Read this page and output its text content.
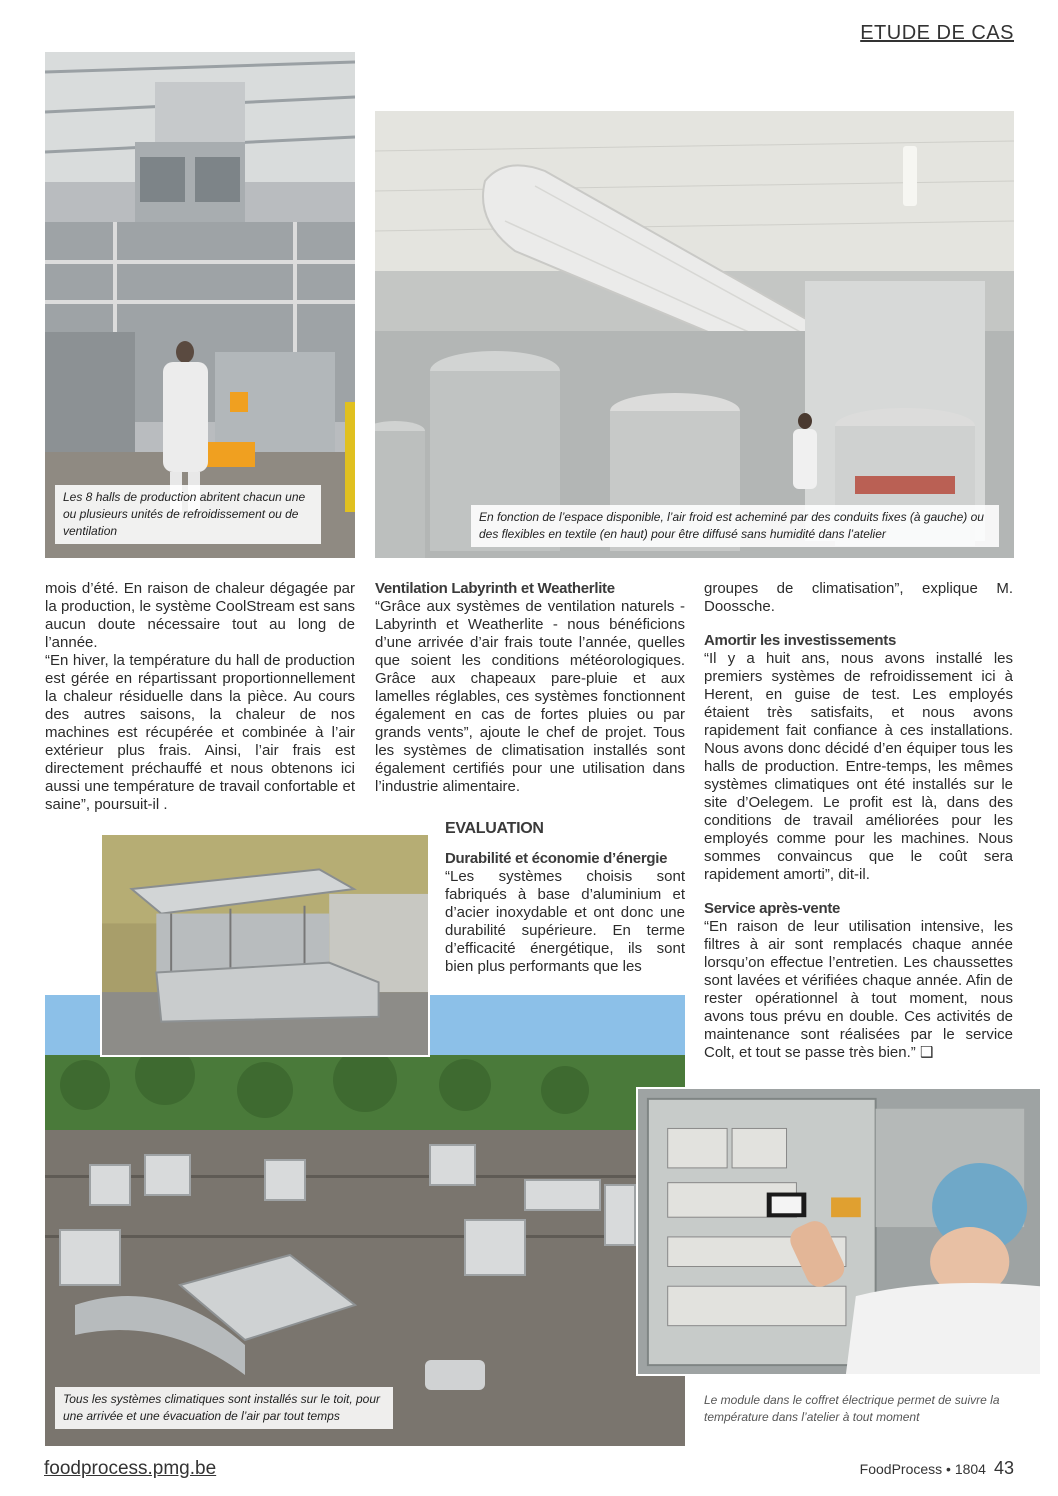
ETUDE DE CAS
Les 8 halls de production abritent chacun une ou plusieurs unités de refroidissement ou de ventilation
En fonction de l’espace disponible, l’air froid est acheminé par des conduits fixes (à gauche) ou des flexibles en textile (en haut) pour être diffusé sans humidité dans l’atelier

mois d’été. En raison de chaleur dégagée par la production, le système CoolStream est sans aucun doute nécessaire tout au long de l’année.

“En hiver, la température du hall de production est gérée en répartissant proportionnellement la chaleur résiduelle dans la pièce. Au cours des autres saisons, la chaleur de nos machines est récupérée et combinée à l’air extérieur plus frais. Ainsi, l’air frais est directement préchauffé et nous obtenons ici aussi une température de travail confortable et saine”, poursuit-il .

Ventilation Labyrinth et Weatherlite

“Grâce aux systèmes de ventilation naturels - Labyrinth et Weatherlite - nous bénéficions d’une arrivée d’air frais toute l’année, quelles que soient les conditions météorologiques. Grâce aux chapeaux pare-pluie et aux lamelles réglables, ces systèmes fonctionnent également en cas de fortes pluies ou par grands vents”, ajoute le chef de projet. Tous les systèmes de climatisation installés sont également certifiés pour une utilisation dans l’industrie alimentaire.

EVALUATION
Durabilité et économie d’énergie

“Les systèmes choisis sont fabriqués à base d’aluminium et d’acier inoxydable et ont donc une durabilité supérieure. En terme d’efficacité énergétique, ils sont bien plus performants que les

groupes de climatisation”, explique M. Doossche.

Amortir les investissements

“Il y a huit ans, nous avons installé les premiers systèmes de refroidissement ici à Herent, en guise de test. Les employés étaient très satisfaits, et nous avons rapidement fait confiance à ces installations. Nous avons donc décidé d’en équiper tous les halls de production. Entre-temps, les mêmes systèmes climatiques ont été installés sur le site d’Oelegem. Le profit est là, dans des conditions de travail améliorées pour les employés comme pour les machines. Nous sommes convaincus que le coût sera rapidement amorti”, dit-il.

Service après-vente

“En raison de leur utilisation intensive, les filtres à air sont remplacés chaque année lorsqu’on effectue l’entretien. Les chaussettes sont lavées et vérifiées chaque année. Afin de rester opérationnel à tout moment, nous avons tous prévu en double. Ces activités de maintenance sont réalisées par le service Colt, et tout se passe très bien.” ❑

Tous les systèmes climatiques sont installés sur le toit, pour une arrivée et une évacuation de l’air par tout temps
Le module dans le coffret électrique permet de suivre la température dans l’atelier à tout moment
foodprocess.pmg.be	FoodProcess • 1804 43
